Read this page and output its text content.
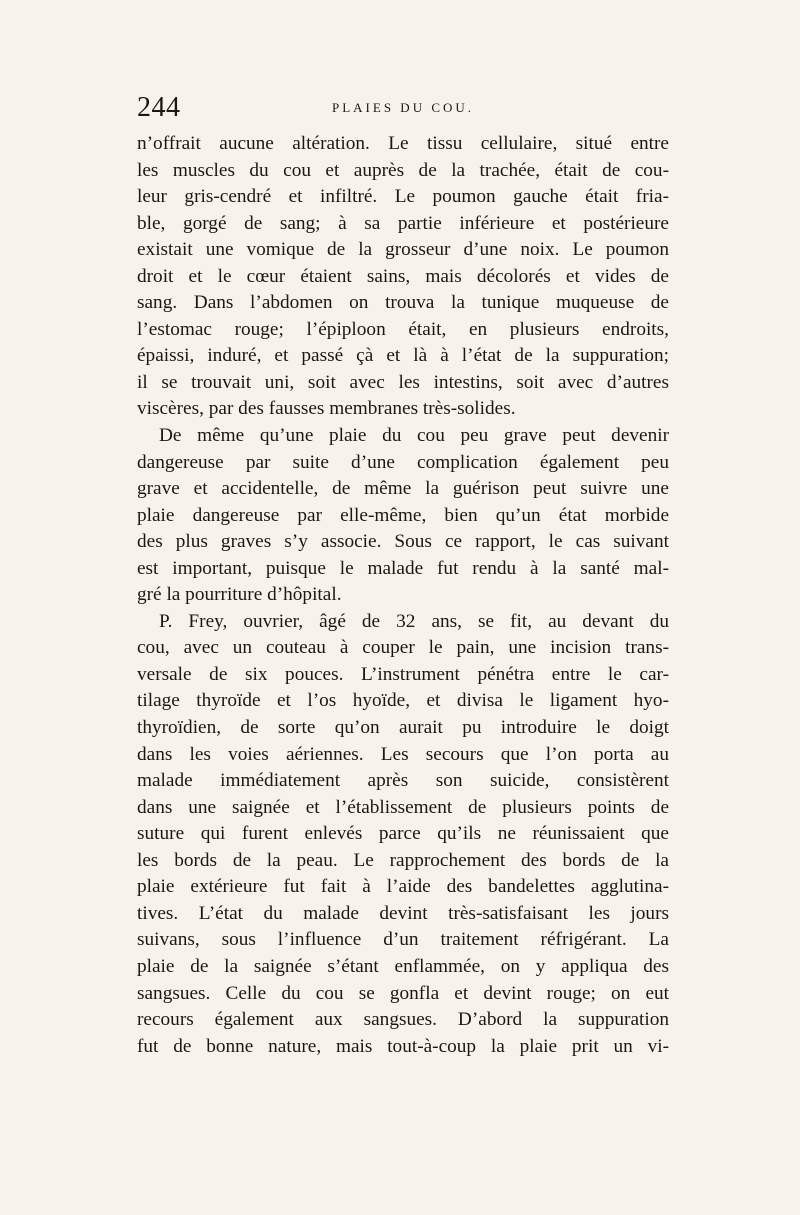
244	PLAIES DU COU.
n’offrait aucune altération. Le tissu cellulaire, situé entre
les muscles du cou et auprès de la trachée, était de cou-
leur gris-cendré et infiltré. Le poumon gauche était fria-
ble, gorgé de sang; à sa partie inférieure et postérieure
existait une vomique de la grosseur d’une noix. Le poumon
droit et le cœur étaient sains, mais décolorés et vides de
sang. Dans l’abdomen on trouva la tunique muqueuse de
l’estomac rouge; l’épiploon était, en plusieurs endroits,
épaissi, induré, et passé çà et là à l’état de la suppuration;
il se trouvait uni, soit avec les intestins, soit avec d’autres
viscères, par des fausses membranes très-solides.
De même qu’une plaie du cou peu grave peut devenir
dangereuse par suite d’une complication également peu
grave et accidentelle, de même la guérison peut suivre une
plaie dangereuse par elle-même, bien qu’un état morbide
des plus graves s’y associe. Sous ce rapport, le cas suivant
est important, puisque le malade fut rendu à la santé mal-
gré la pourriture d’hôpital.
P. Frey, ouvrier, âgé de 32 ans, se fit, au devant du
cou, avec un couteau à couper le pain, une incision trans-
versale de six pouces. L’instrument pénétra entre le car-
tilage thyroïde et l’os hyoïde, et divisa le ligament hyo-
thyroïdien, de sorte qu’on aurait pu introduire le doigt
dans les voies aériennes. Les secours que l’on porta au
malade immédiatement après son suicide, consistèrent
dans une saignée et l’établissement de plusieurs points de
suture qui furent enlevés parce qu’ils ne réunissaient que
les bords de la peau. Le rapprochement des bords de la
plaie extérieure fut fait à l’aide des bandelettes agglutina-
tives. L’état du malade devint très-satisfaisant les jours
suivans, sous l’influence d’un traitement réfrigérant. La
plaie de la saignée s’étant enflammée, on y appliqua des
sangsues. Celle du cou se gonfla et devint rouge; on eut
recours également aux sangsues. D’abord la suppuration
fut de bonne nature, mais tout-à-coup la plaie prit un vi-
